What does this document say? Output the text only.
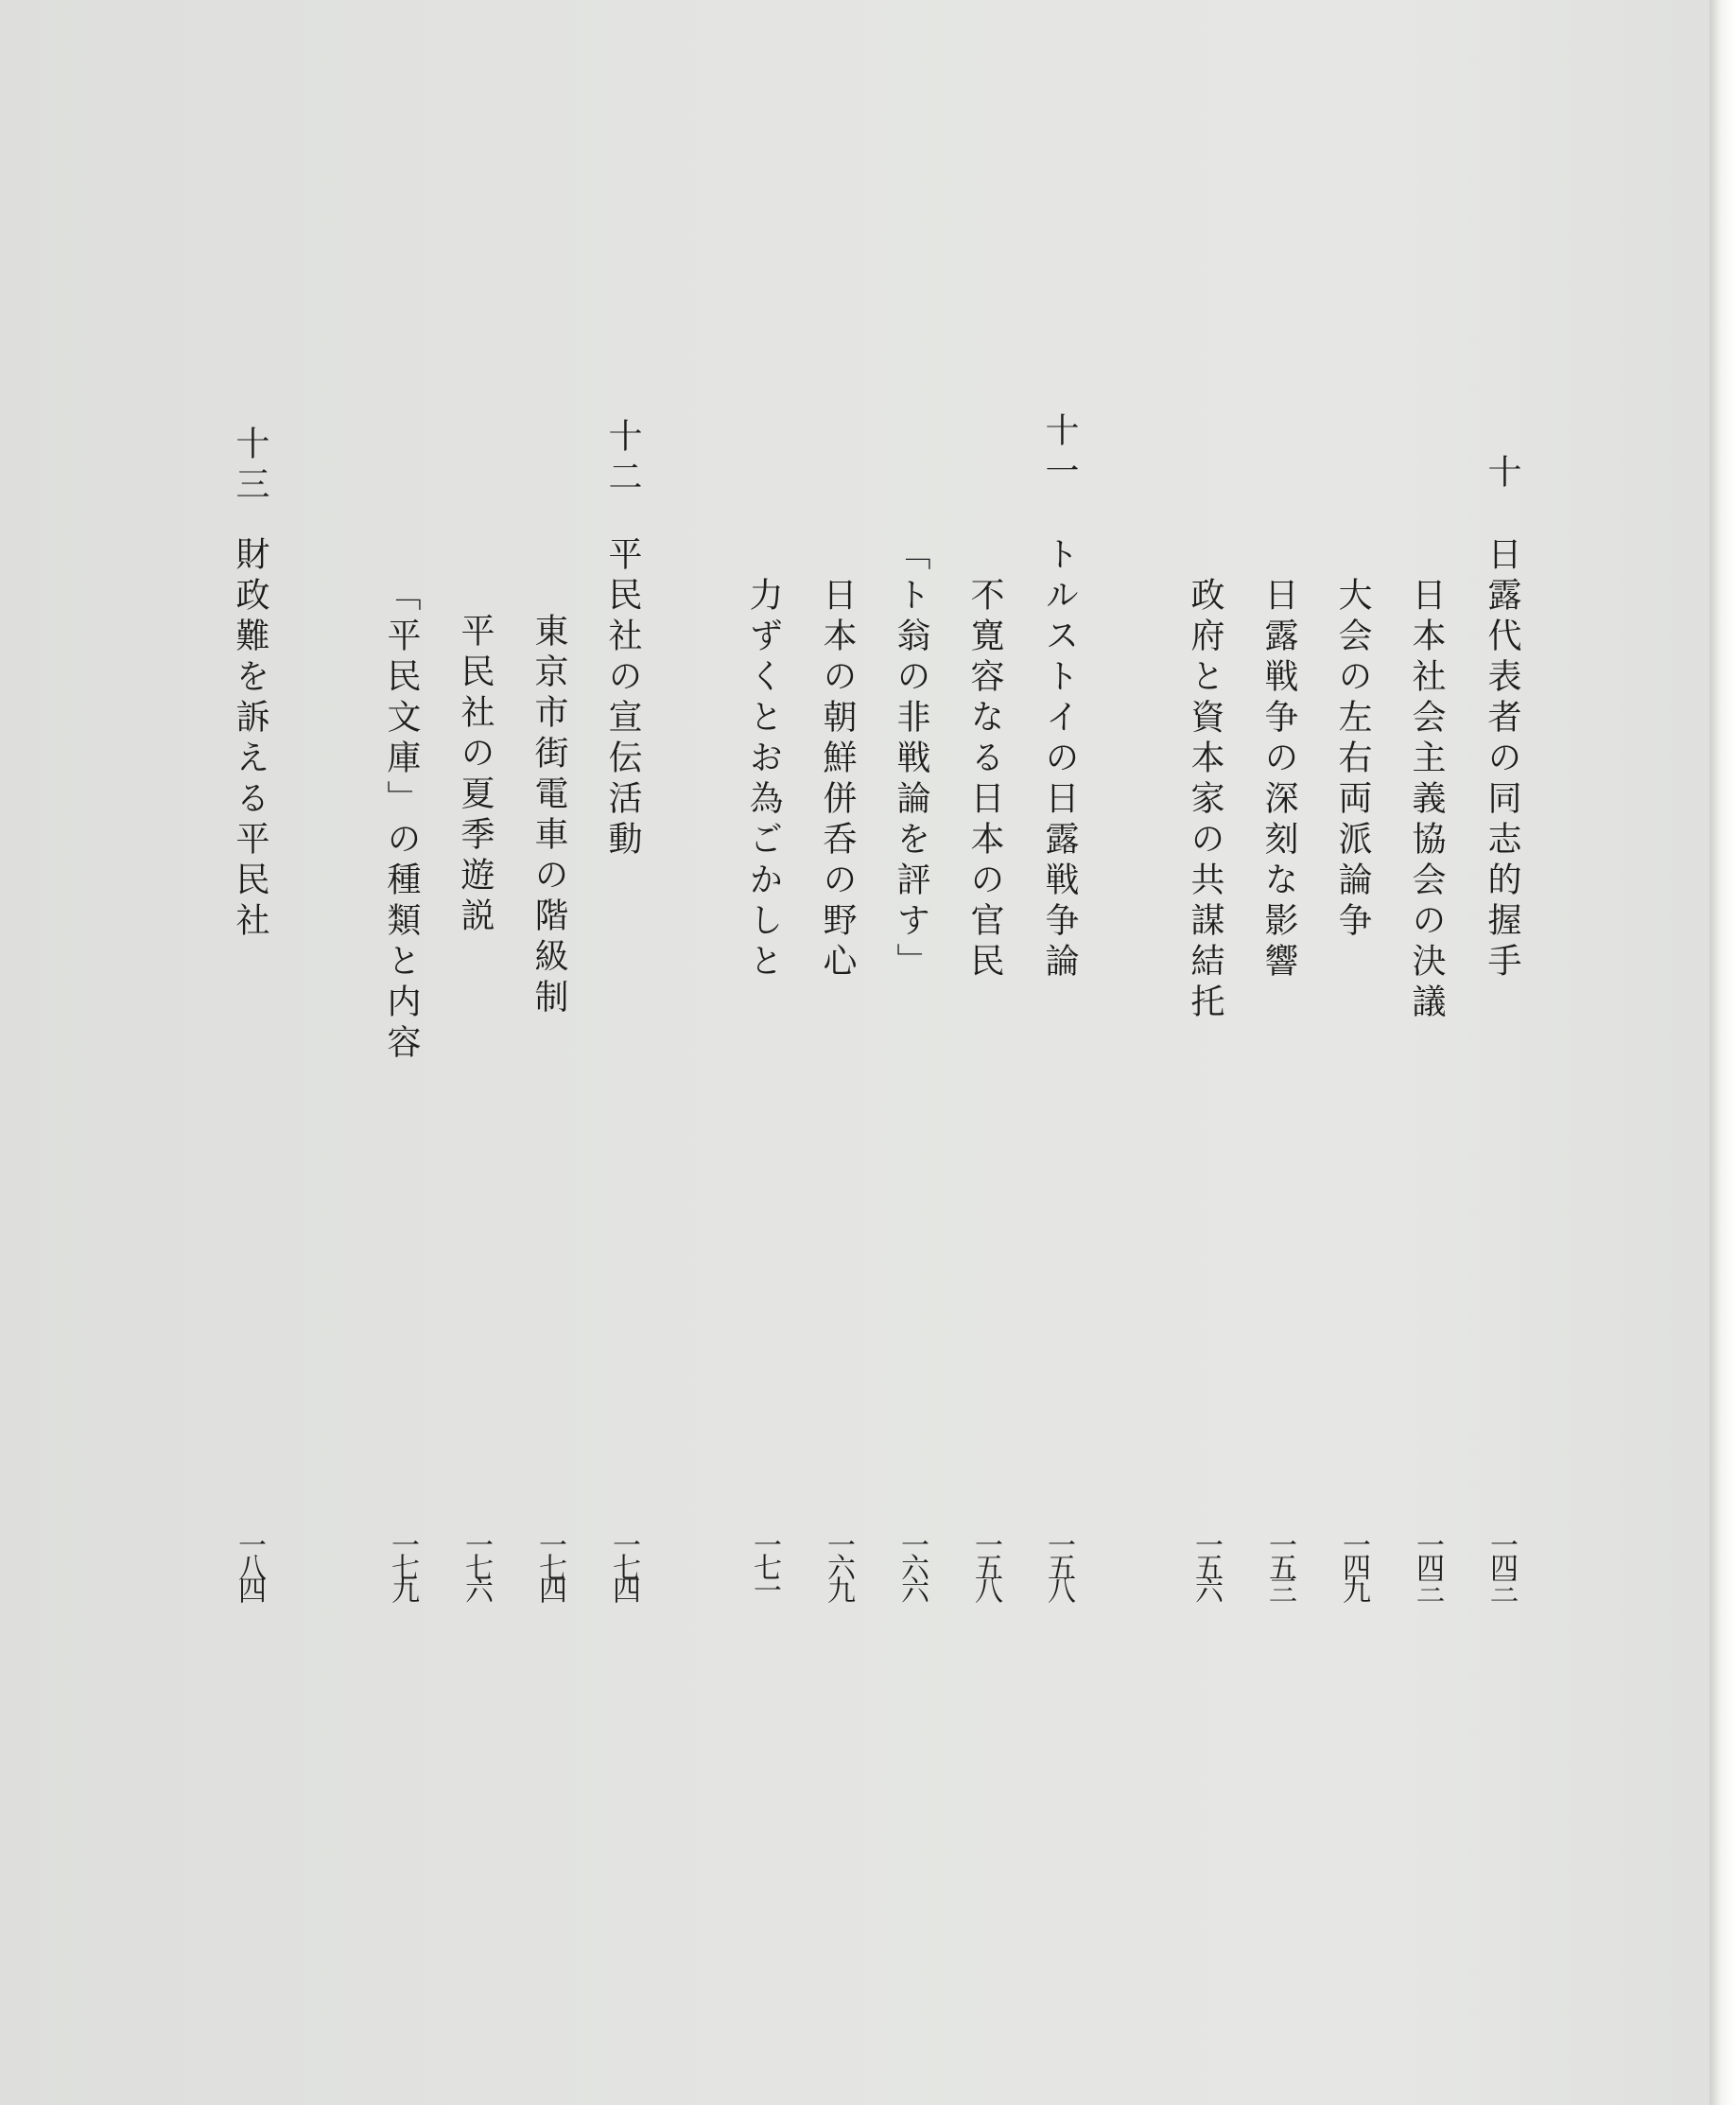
十
日露代表者の同志的握手
一四三
日本社会主義協会の決議
一四三
大会の左右両派論争
一四九
日露戦争の深刻な影響
一五三
政府と資本家の共謀結托
一五六
十一
トルストイの日露戦争論
一五八
不寛容なる日本の官民
一五八
「ト翁の非戦論を評す」
一六六
日本の朝鮮併呑の野心
一六九
力ずくとお為ごかしと
一七一
十二
平民社の宣伝活動
一七四
東京市街電車の階級制
一七四
平民社の夏季遊説
一七六
「平民文庫」の種類と内容
一七九
十三
財政難を訴える平民社
一八四
